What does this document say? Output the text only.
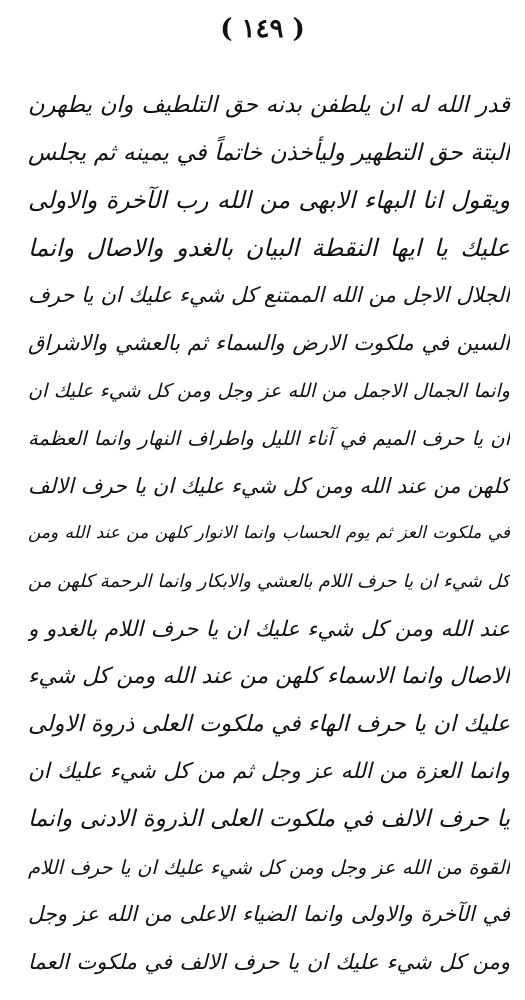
( ١٤٩ )
قدر الله له ان يلطفن بدنه حق التلطيف وان يطهرن
البتة حق التطهير وليأخذن خاتماً في يمينه ثم يجلس
ويقول انا البهاء الابهى من الله رب الآخرة والاولى
عليك يا ايها النقطة البيان بالغدو والاصال وانما
الجلال الاجل من الله الممتنع كل شيء عليك ان يا حرف
السين في ملكوت الارض والسماء ثم بالعشي والاشراق
وانما الجمال الاجمل من الله عز وجل ومن كل شيء عليك ان
ان يا حرف الميم في آناء الليل واطراف النهار وانما العظمة
كلهن من عند الله ومن كل شيء عليك ان يا حرف الالف
في ملكوت العز ثم يوم الحساب وانما الانوار كلهن من عند الله ومن
كل شيء ان يا حرف اللام بالعشي والابكار وانما الرحمة كلهن من
عند الله ومن كل شيء عليك ان يا حرف اللام بالغدو و
الاصال وانما الاسماء كلهن من عند الله ومن كل شيء
عليك ان يا حرف الهاء في ملكوت العلى ذروة الاولى
وانما العزة من الله عز وجل ثم من كل شيء عليك ان
يا حرف الالف في ملكوت العلى الذروة الادنى وانما
القوة من الله عز وجل ومن كل شيء عليك ان يا حرف اللام
في الآخرة والاولى وانما الضياء الاعلى من الله عز وجل
ومن كل شيء عليك ان يا حرف الالف في ملكوت العما
